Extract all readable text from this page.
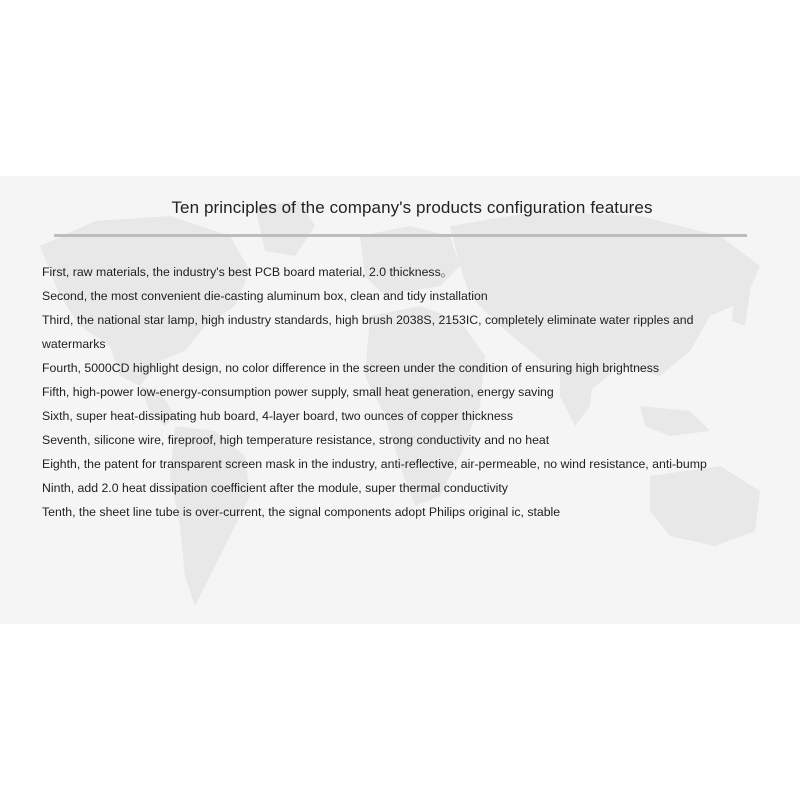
Ten principles of the company's products configuration features
First, raw materials, the industry's best PCB board material, 2.0 thickness。
Second, the most convenient die-casting aluminum box, clean and tidy installation
Third, the national star lamp, high industry standards, high brush 2038S, 2153IC, completely eliminate water ripples and watermarks
Fourth, 5000CD highlight design, no color difference in the screen under the condition of ensuring high brightness
Fifth, high-power low-energy-consumption power supply, small heat generation, energy saving
Sixth, super heat-dissipating hub board, 4-layer board, two ounces of copper thickness
Seventh, silicone wire, fireproof, high temperature resistance, strong conductivity and no heat
Eighth, the patent for transparent screen mask in the industry, anti-reflective, air-permeable, no wind resistance, anti-bump
Ninth, add 2.0 heat dissipation coefficient after the module, super thermal conductivity
Tenth, the sheet line tube is over-current, the signal components adopt Philips original ic, stable
